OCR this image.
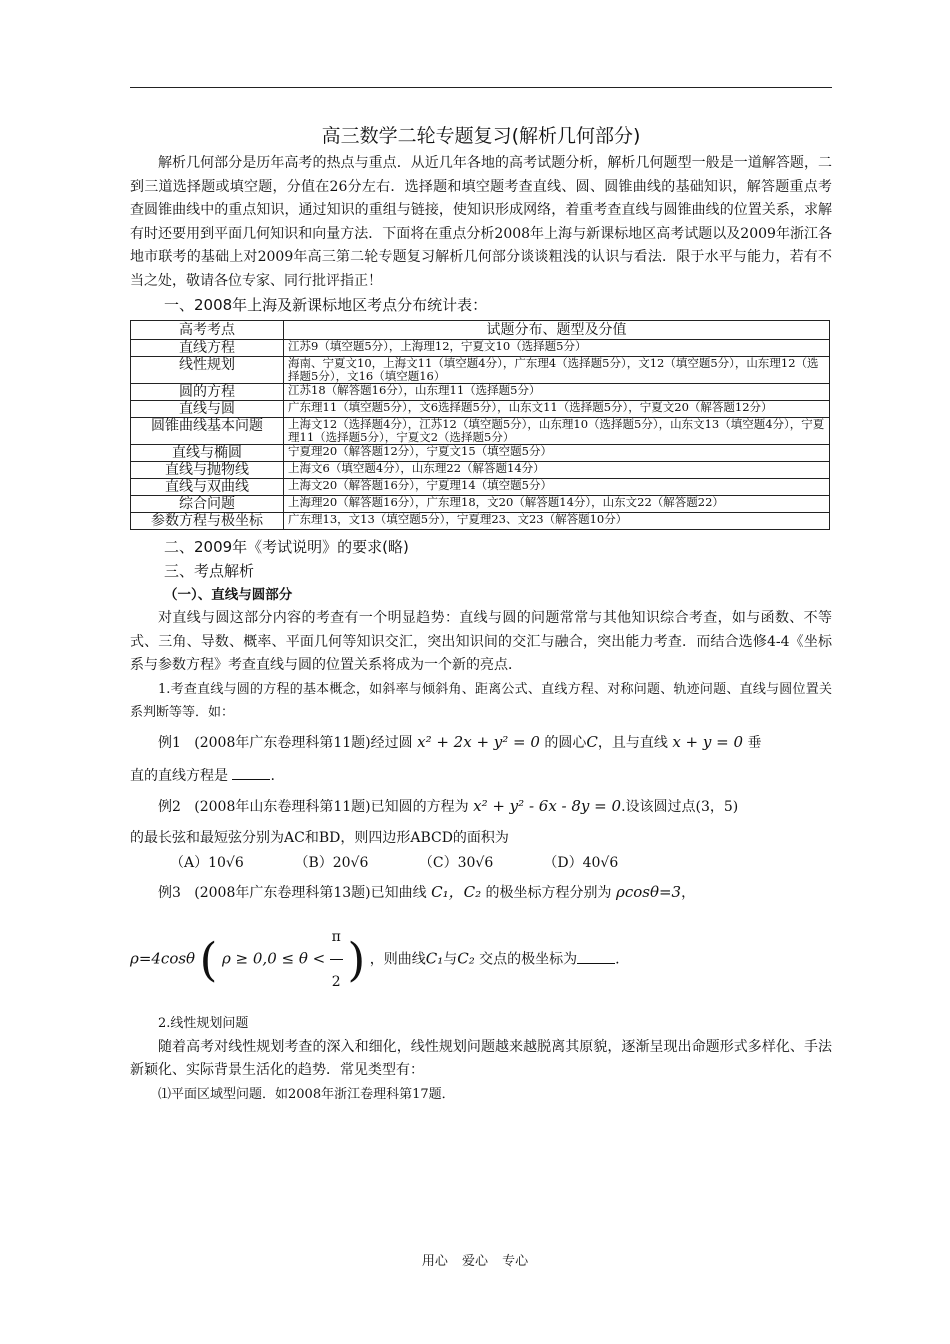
高三数学二轮专题复习(解析几何部分)

解析几何部分是历年高考的热点与重点．从近几年各地的高考试题分析，解析几何题型一般是一道解答题，二到三道选择题或填空题，分值在26分左右．选择题和填空题考查直线、圆、圆锥曲线的基础知识，解答题重点考查圆锥曲线中的重点知识，通过知识的重组与链接，使知识形成网络，着重考查直线与圆锥曲线的位置关系，求解有时还要用到平面几何知识和向量方法．下面将在重点分析2008年上海与新课标地区高考试题以及2009年浙江各地市联考的基础上对2009年高三第二轮专题复习解析几何部分谈谈粗浅的认识与看法．限于水平与能力，若有不当之处，敬请各位专家、同行批评指正！

一、2008年上海及新课标地区考点分布统计表：
高考考点	试题分布、题型及分值
直线方程	江苏9（填空题5分），上海理12，宁夏文10（选择题5分）
线性规划	海南、宁夏文10，上海文11（填空题4分），广东理4（选择题5分），文12（填空题5分），山东理12（选择题5分），文16（填空题16）
圆的方程	江苏18（解答题16分），山东理11（选择题5分）
直线与圆	广东理11（填空题5分），文6选择题5分），山东文11（选择题5分），宁夏文20（解答题12分）
圆锥曲线基本问题	上海文12（选择题4分），江苏12（填空题5分），山东理10（选择题5分），山东文13（填空题4分），宁夏理11（选择题5分），宁夏文2（选择题5分）
直线与椭圆	宁夏理20（解答题12分），宁夏文15（填空题5分）
直线与抛物线	上海文6（填空题4分），山东理22（解答题14分）
直线与双曲线	上海文20（解答题16分），宁夏理14（填空题5分）
综合问题	上海理20（解答题16分），广东理18，文20（解答题14分），山东文22（解答题22）
参数方程与极坐标	广东理13，文13（填空题5分），宁夏理23、文23（解答题10分）
二、2009年《考试说明》的要求(略)
三、考点解析
（一）、直线与圆部分

对直线与圆这部分内容的考查有一个明显趋势：直线与圆的问题常常与其他知识综合考查，如与函数、不等式、三角、导数、概率、平面几何等知识交汇，突出知识间的交汇与融合，突出能力考查．而结合选修4-4《坐标系与参数方程》考查直线与圆的位置关系将成为一个新的亮点．

1.考查直线与圆的方程的基本概念，如斜率与倾斜角、距离公式、直线方程、对称问题、轨迹问题、直线与圆位置关系判断等等．如：

例1 (2008年广东卷理科第11题)经过圆 x² + 2x + y² = 0 的圆心C，且与直线 x + y = 0 垂

直的直线方程是	.

例2 (2008年山东卷理科第11题)已知圆的方程为 x² + y² - 6x - 8y = 0.设该圆过点(3，5)

的最长弦和最短弦分别为AC和BD，则四边形ABCD的面积为

（A）10√6	（B）20√6	（C）30√6	（D）40√6

例3 (2008年广东卷理科第13题)已知曲线 C₁，C₂ 的极坐标方程分别为 ρcosθ=3，

ρ=4cosθ ( $\rho \ge 0,0 \le \theta < \frac{\pi}{2}$ ) ，则曲线C₁与C₂ 交点的极坐标为	.

2.线性规划问题

随着高考对线性规划考查的深入和细化，线性规划问题越来越脱离其原貌，逐渐呈现出命题形式多样化、手法新颖化、实际背景生活化的趋势．常见类型有：

⑴平面区域型问题．如2008年浙江卷理科第17题．

用心 爱心 专心
